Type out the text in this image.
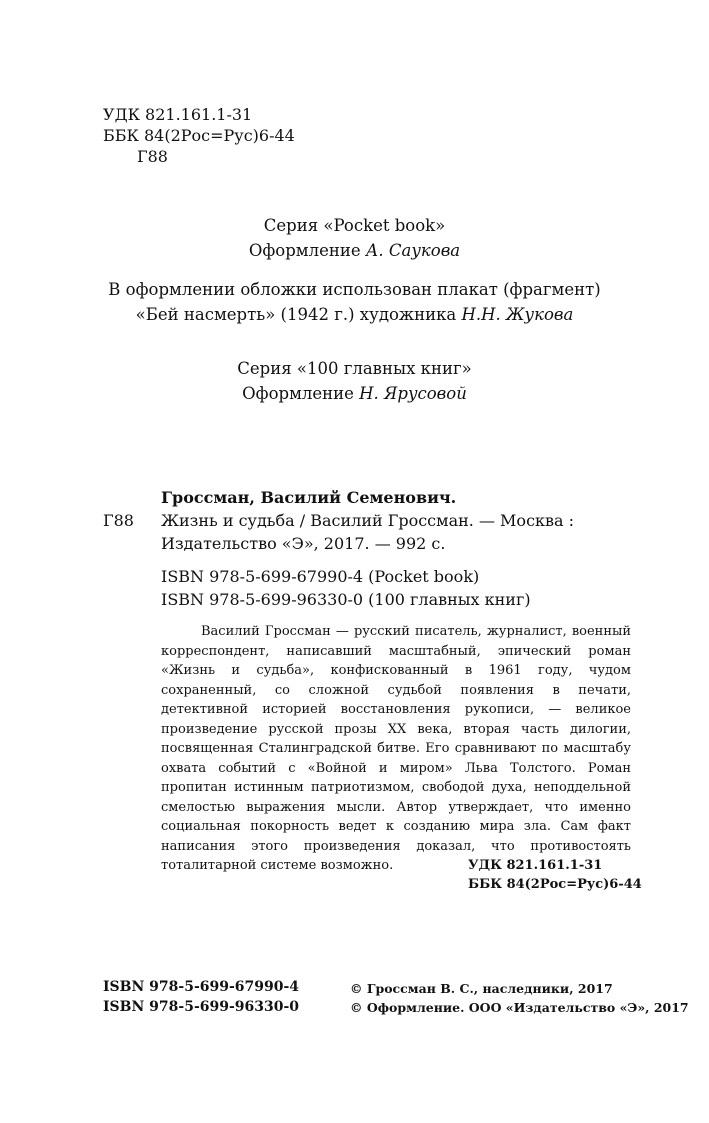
УДК 821.161.1-31
ББК 84(2Рос=Рус)6-44
Г88
Серия «Pocket book»
Оформление А. Саукова
В оформлении обложки использован плакат (фрагмент)
«Бей насмерть» (1942 г.) художника Н.Н. Жукова
Серия «100 главных книг»
Оформление Н. Ярусовой
Г88
Гроссман, Василий Семенович.
Жизнь и судьба / Василий Гроссман. — Москва :
Издательство «Э», 2017. — 992 с.
ISBN 978-5-699-67990-4 (Pocket book)
ISBN 978-5-699-96330-0 (100 главных книг)

Василий Гроссман — русский писатель, журналист, военный корреспондент, написавший масштабный, эпический роман «Жизнь и судьба», конфискованный в 1961 году, чудом сохраненный, со сложной судьбой появления в печати, детективной историей восстановления рукописи, — великое произведение русской прозы XX века, вторая часть дилогии, посвященная Сталинградской битве. Его сравнивают по масштабу охвата событий с «Войной и миром» Льва Толстого. Роман пропитан истинным патриотизмом, свободой духа, неподдельной смелостью выражения мысли. Автор утверждает, что именно социальная покорность ведет к созданию мира зла. Сам факт написания этого произведения доказал, что противостоять тоталитарной системе возможно.	УДК 821.161.1-31
ББК 84(2Рос=Рус)6-44
ISBN 978-5-699-67990-4
ISBN 978-5-699-96330-0
© Гроссман В. С., наследники, 2017
© Оформление. ООО «Издательство «Э», 2017
